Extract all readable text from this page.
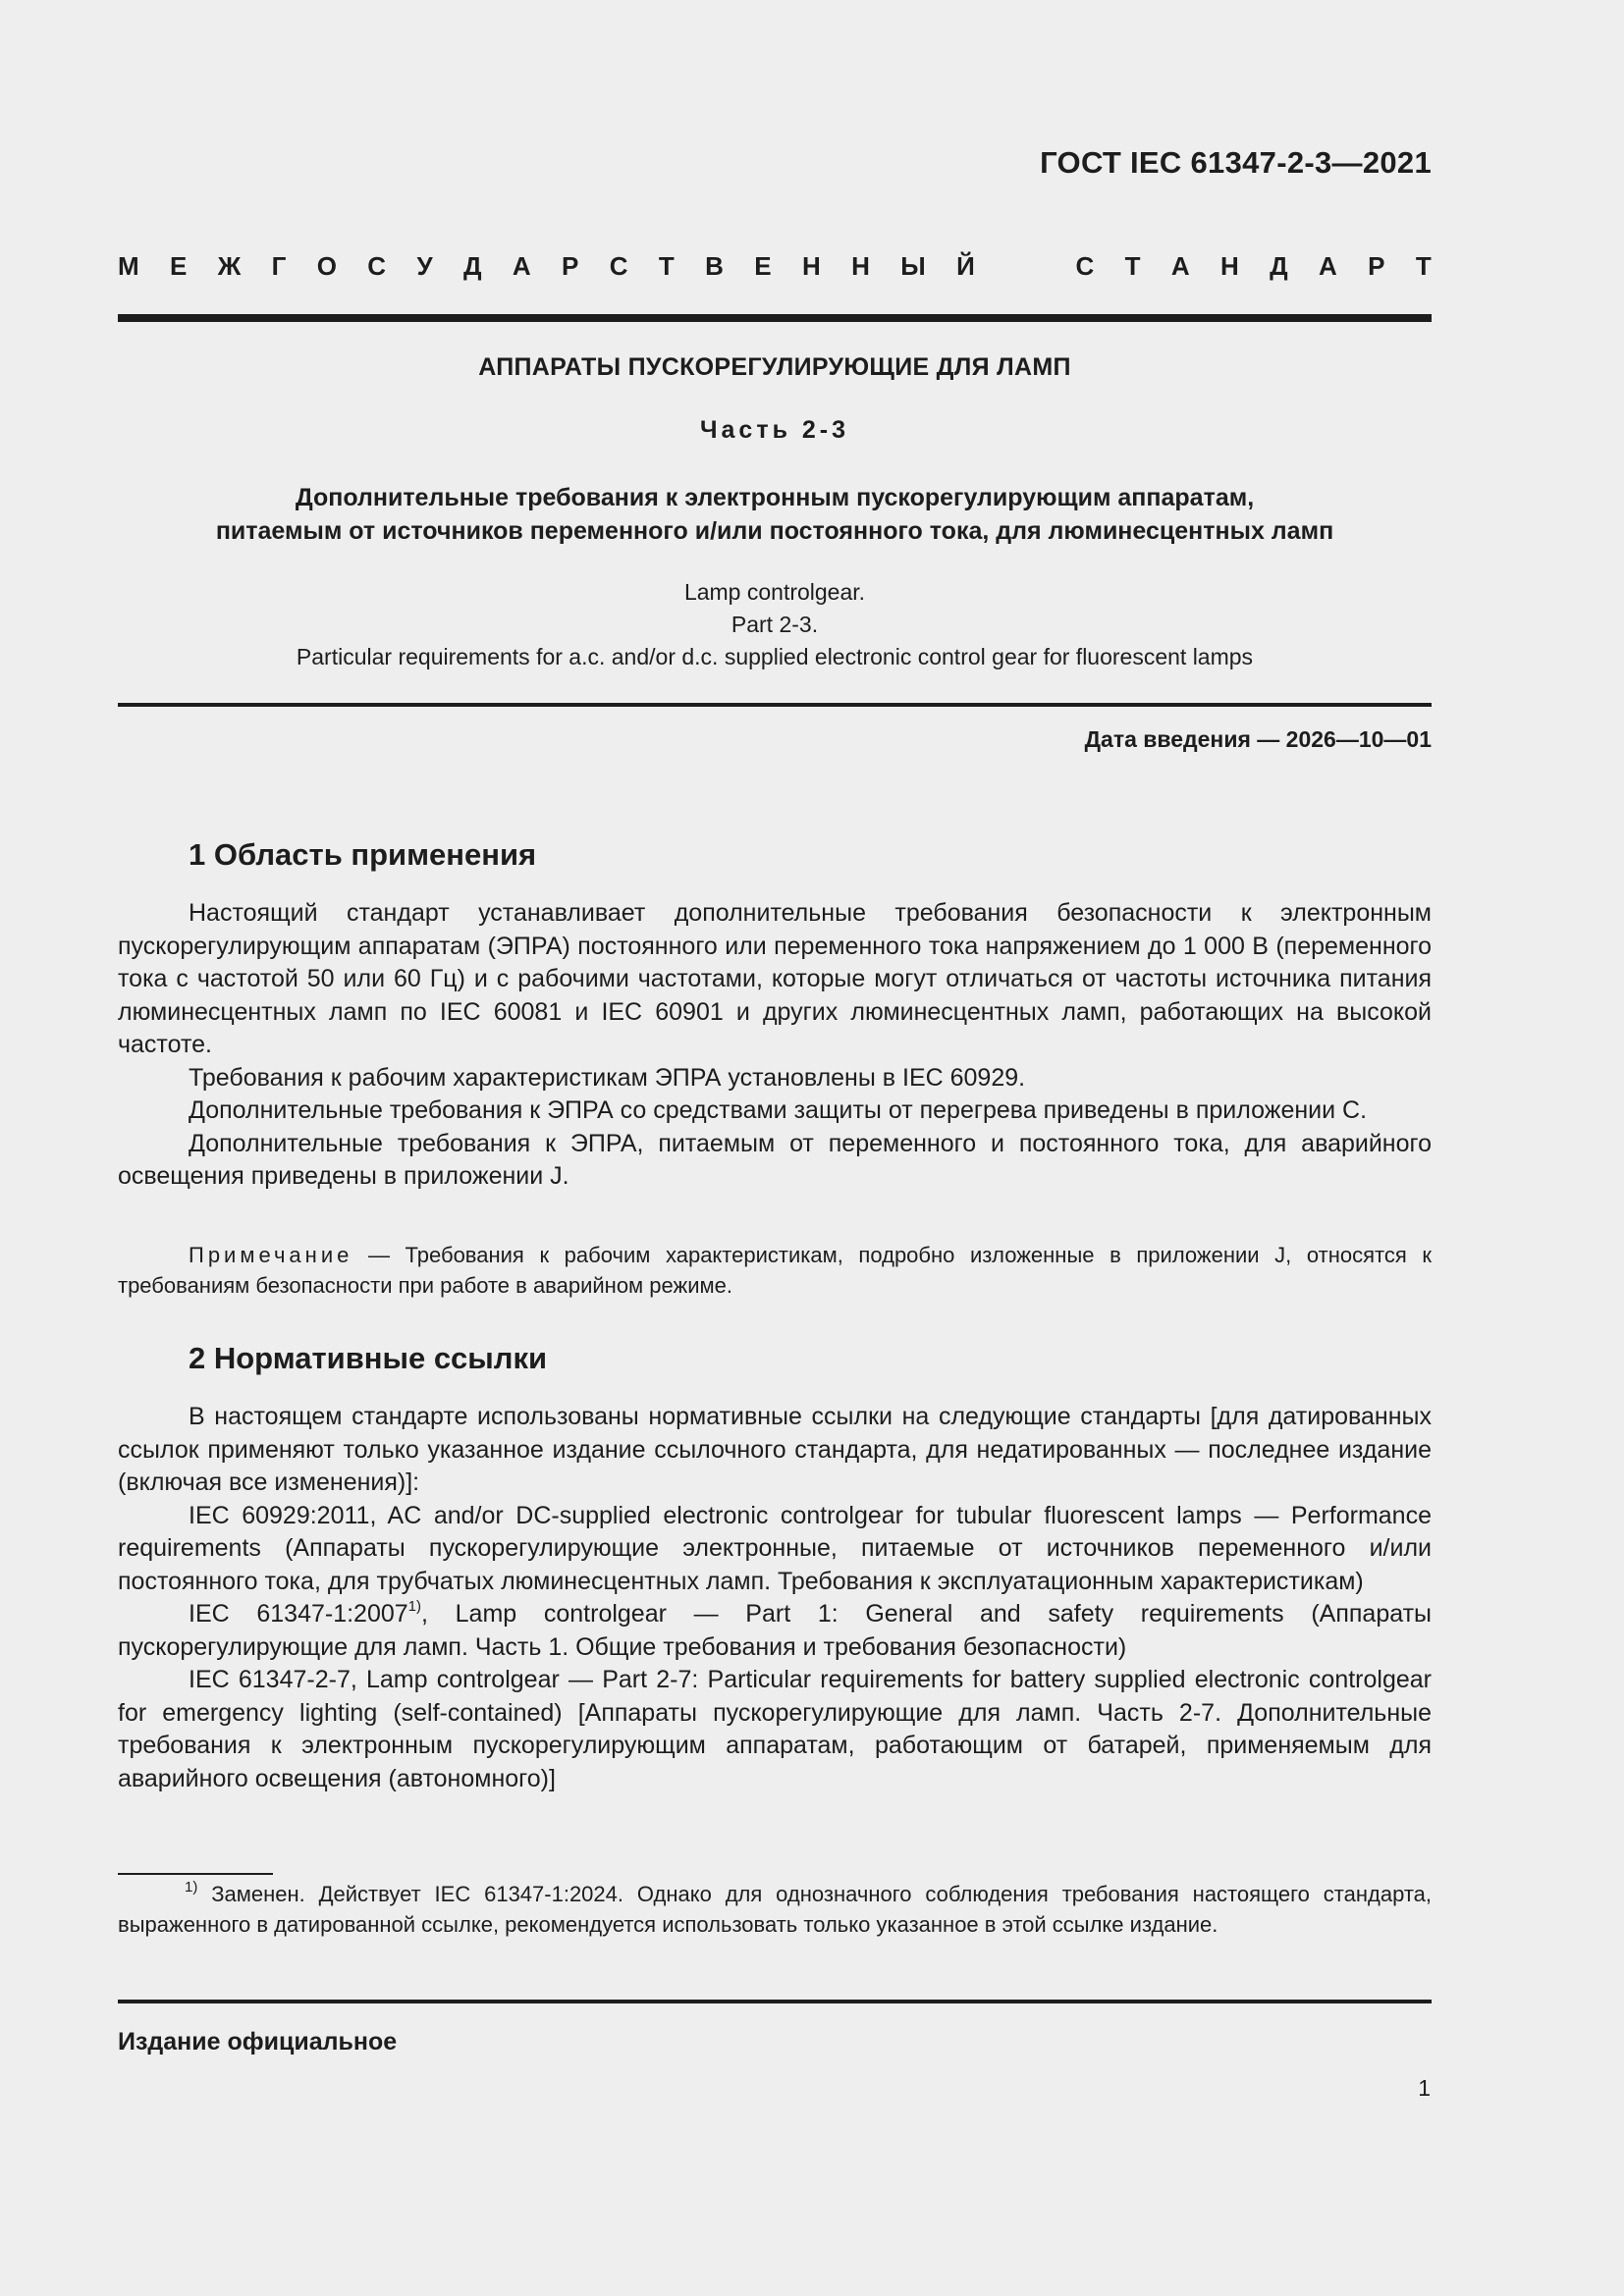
ГОСТ IEC 61347-2-3—2021
М Е Ж Г О С У Д А Р С Т В Е Н Н Ы Й	С Т А Н Д А Р Т
АППАРАТЫ ПУСКОРЕГУЛИРУЮЩИЕ ДЛЯ ЛАМП
Часть 2-3
Дополнительные требования к электронным пускорегулирующим аппаратам,
питаемым от источников переменного и/или постоянного тока, для люминесцентных ламп
Lamp controlgear.
Part 2-3.
Particular requirements for a.c. and/or d.c. supplied electronic control gear for fluorescent lamps
Дата введения — 2026—10—01
1 Область применения

Настоящий стандарт устанавливает дополнительные требования безопасности к электронным пускорегулирующим аппаратам (ЭПРА) постоянного или переменного тока напряжением до 1 000 В (переменного тока с частотой 50 или 60 Гц) и с рабочими частотами, которые могут отличаться от частоты источника питания люминесцентных ламп по IEC 60081 и IEC 60901 и других люминесцентных ламп, работающих на высокой частоте.

Требования к рабочим характеристикам ЭПРА установлены в IEC 60929.

Дополнительные требования к ЭПРА со средствами защиты от перегрева приведены в приложении С.

Дополнительные требования к ЭПРА, питаемым от переменного и постоянного тока, для аварийного освещения приведены в приложении J.

Примечание — Требования к рабочим характеристикам, подробно изложенные в приложении J, относятся к требованиям безопасности при работе в аварийном режиме.
2 Нормативные ссылки

В настоящем стандарте использованы нормативные ссылки на следующие стандарты [для датированных ссылок применяют только указанное издание ссылочного стандарта, для недатированных — последнее издание (включая все изменения)]:

IEC 60929:2011, AC and/or DC-supplied electronic controlgear for tubular fluorescent lamps — Performance requirements (Аппараты пускорегулирующие электронные, питаемые от источников переменного и/или постоянного тока, для трубчатых люминесцентных ламп. Требования к эксплуатационным характеристикам)

IEC 61347-1:2007$^{1)}$, Lamp controlgear — Part 1: General and safety requirements (Аппараты пускорегулирующие для ламп. Часть 1. Общие требования и требования безопасности)

IEC 61347-2-7, Lamp controlgear — Part 2-7: Particular requirements for battery supplied electronic controlgear for emergency lighting (self-contained) [Аппараты пускорегулирующие для ламп. Часть 2-7. Дополнительные требования к электронным пускорегулирующим аппаратам, работающим от батарей, применяемым для аварийного освещения (автономного)]

$^{1)}$ Заменен. Действует IEC 61347-1:2024. Однако для однозначного соблюдения требования настоящего стандарта, выраженного в датированной ссылке, рекомендуется использовать только указанное в этой ссылке издание.
Издание официальное
1
